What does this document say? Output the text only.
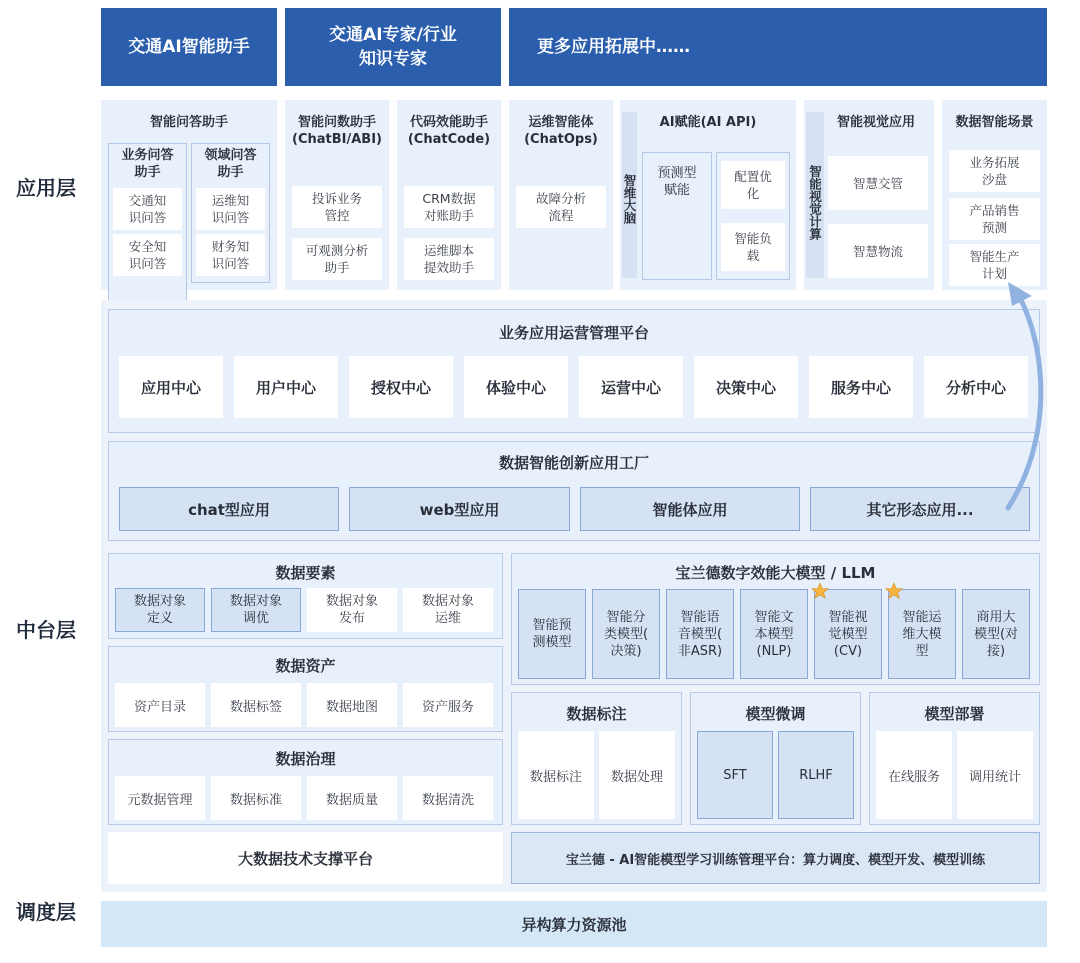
应用层
中台层
调度层
交通AI智能助手
交通AI专家/行业
知识专家
更多应用拓展中……
智能问答助手
业务问答
助手
交通知
识问答
安全知
识问答
领域问答
助手
运维知
识问答
财务知
识问答
智能问数助手
(ChatBI/ABI)
投诉业务
管控
可观测分析
助手
代码效能助手
(ChatCode)
CRM数据
对账助手
运维脚本
提效助手
运维智能体
(ChatOps)
故障分析
流程
AI赋能(AI API)
智维大脑
预测型
赋能
配置优
化
智能负
载
智能视觉应用
智能视觉计算	智慧交管
智慧物流
数据智能场景
业务拓展
沙盘
产品销售
预测
智能生产
计划
业务应用运营管理平台
应用中心	用户中心	授权中心	体验中心	运营中心	决策中心	服务中心	分析中心
数据智能创新应用工厂
chat型应用	web型应用	智能体应用	其它形态应用...
数据要素
数据对象
定义
数据对象
调优
数据对象
发布
数据对象
运维
数据资产
资产目录	数据标签	数据地图	资产服务
数据治理
元数据管理	数据标准	数据质量	数据清洗
大数据技术支撑平台
宝兰德数字效能大模型 / LLM
智能预
测模型
智能分
类模型(
决策)
智能语
音模型(
非ASR)
智能文
本模型
(NLP)
智能视
觉模型
(CV)
智能运
维大模
型
商用大
模型(对
接)
数据标注
数据标注	数据处理
模型微调
SFT	RLHF
模型部署
在线服务	调用统计
宝兰德 - AI智能模型学习训练管理平台：算力调度、模型开发、模型训练
异构算力资源池
